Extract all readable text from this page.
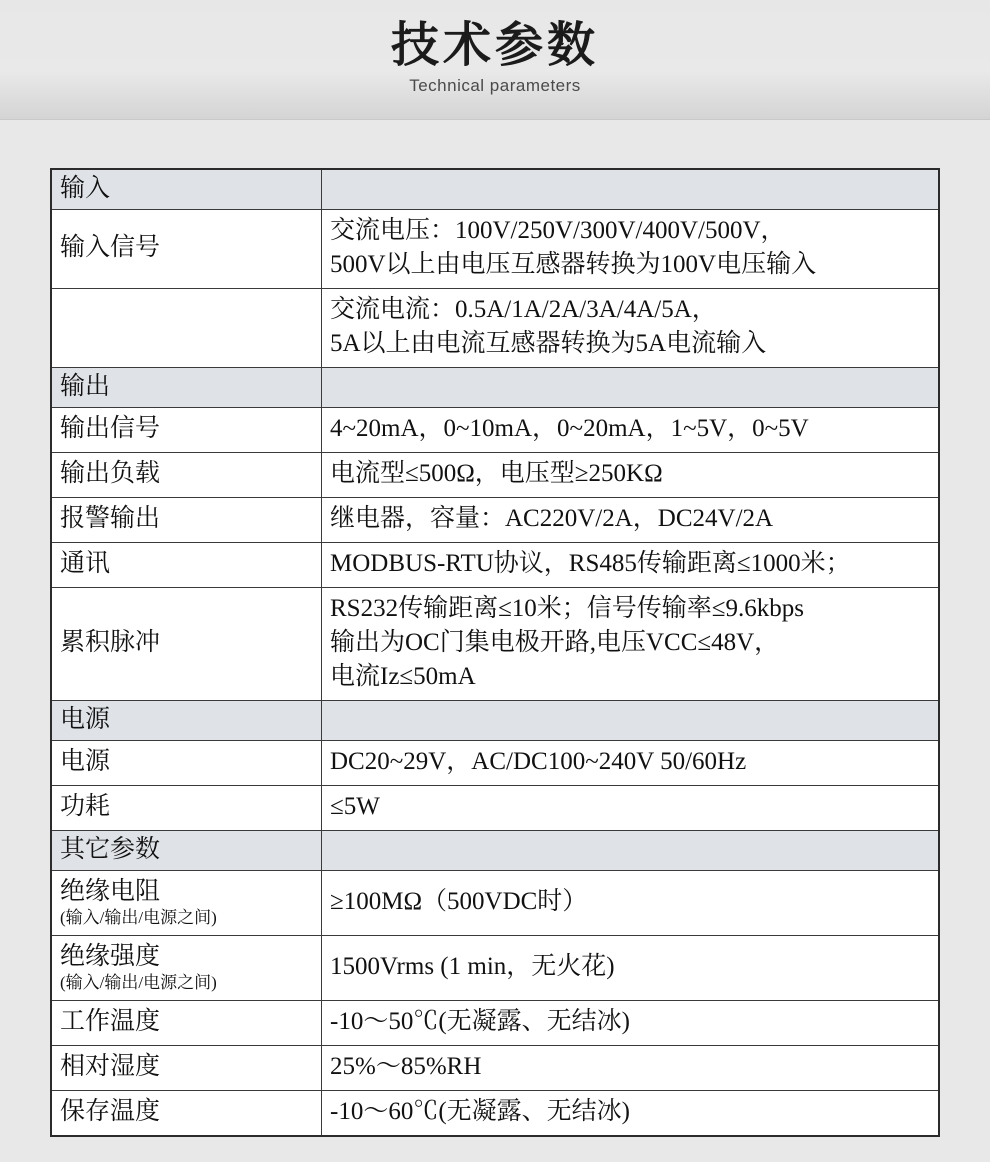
技术参数
Technical parameters
输入	

输入信号	交流电压：100V/250V/300V/400V/500V，
500V以上由电压互感器转换为100V电压输入

	交流电流：0.5A/1A/2A/3A/4A/5A，
5A以上由电流互感器转换为5A电流输入

输出	

输出信号	4~20mA，0~10mA，0~20mA，1~5V，0~5V

输出负载	电流型≤500Ω，电压型≥250KΩ

报警输出	继电器，容量：AC220V/2A，DC24V/2A

通讯	MODBUS-RTU协议，RS485传输距离≤1000米；

累积脉冲	RS232传输距离≤10米；信号传输率≤9.6kbps
输出为OC门集电极开路,电压VCC≤48V，
电流Iz≤50mA

电源	

电源	DC20~29V，AC/DC100~240V 50/60Hz

功耗	≤5W

其它参数	

绝缘电阻
(输入/输出/电源之间)	≥100MΩ（500VDC时）

绝缘强度
(输入/输出/电源之间)	1500Vrms (1 min，无火花)

工作温度	-10～50℃(无凝露、无结冰)

相对湿度	25%～85%RH

保存温度	-10～60℃(无凝露、无结冰)
